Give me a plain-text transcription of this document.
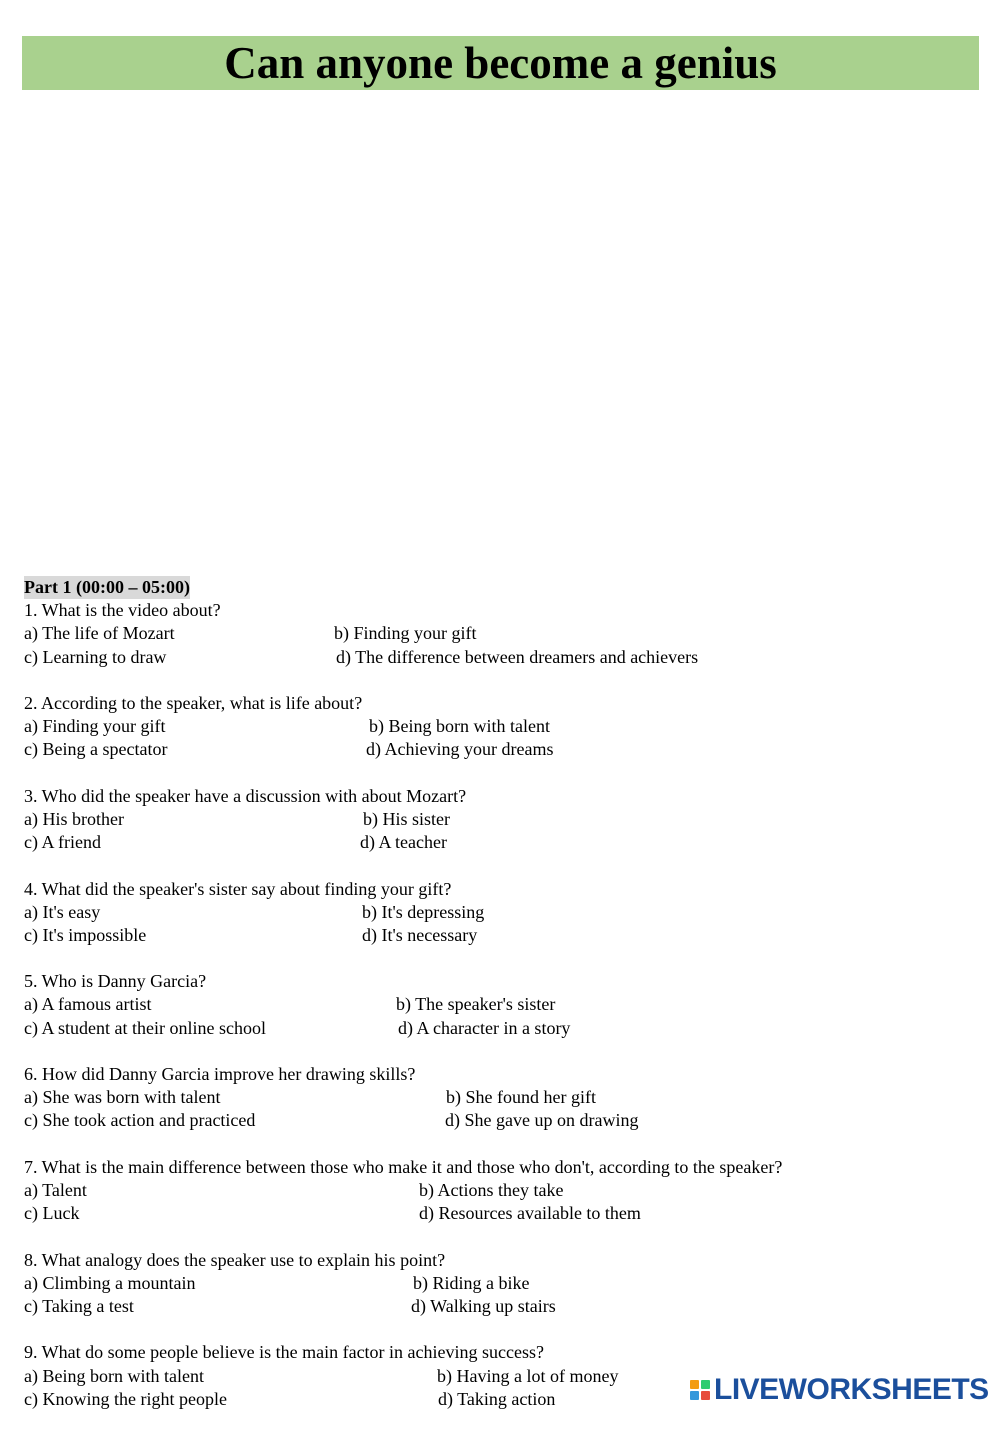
Can anyone become a genius
Part 1 (00:00 – 05:00)
1. What is the video about?
a) The life of Mozart	b) Finding your gift
c) Learning to draw	d) The difference between dreamers and achievers
2. According to the speaker, what is life about?
a) Finding your gift	b) Being born with talent
c) Being a spectator	d) Achieving your dreams
3. Who did the speaker have a discussion with about Mozart?
a) His brother	b) His sister
c) A friend	d) A teacher
4. What did the speaker's sister say about finding your gift?
a) It's easy	b) It's depressing
c) It's impossible	d) It's necessary
5. Who is Danny Garcia?
a) A famous artist	b) The speaker's sister
c) A student at their online school	d) A character in a story
6. How did Danny Garcia improve her drawing skills?
a) She was born with talent	b) She found her gift
c) She took action and practiced	d) She gave up on drawing
7. What is the main difference between those who make it and those who don't, according to the speaker?
a) Talent	b) Actions they take
c) Luck	d) Resources available to them
8. What analogy does the speaker use to explain his point?
a) Climbing a mountain	b) Riding a bike
c) Taking a test	d) Walking up stairs
9. What do some people believe is the main factor in achieving success?
a) Being born with talent	b) Having a lot of money
c) Knowing the right people	d) Taking action	LIVEWORKSHEETS
